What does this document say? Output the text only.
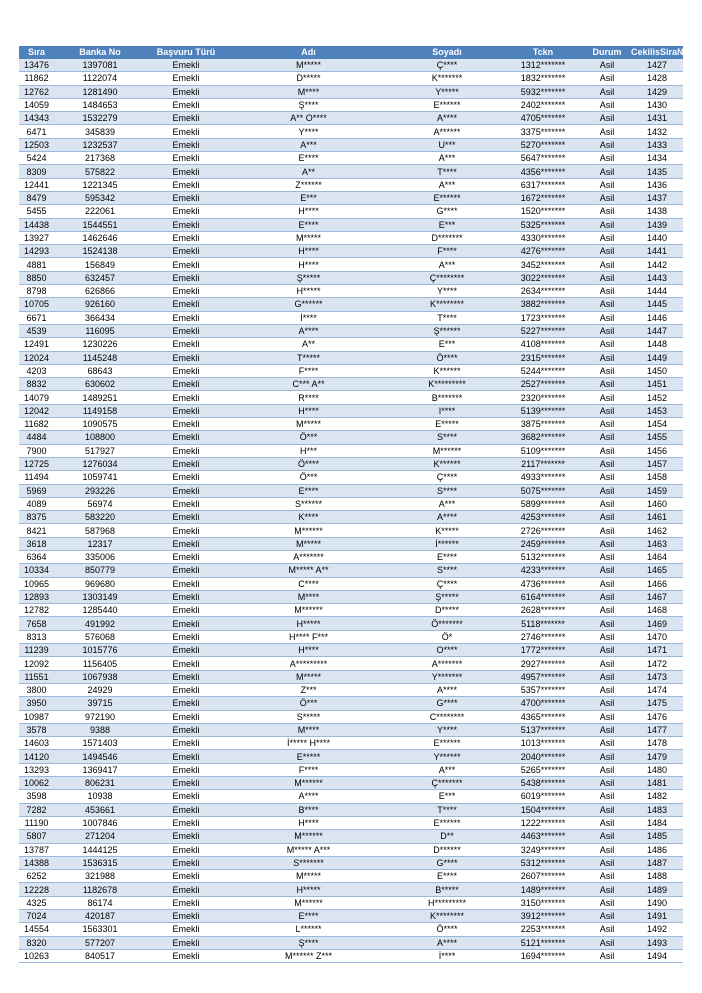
Sıra	Banka No	Başvuru Türü	Adı	Soyadı	Tckn	Durum	CekilisSiraNo
13476	1397081	Emekli	M*****	Ç****	1312*******	Asil	1427
11862	1122074	Emekli	D*****	K*******	1832*******	Asil	1428
12762	1281490	Emekli	M****	Y*****	5932*******	Asil	1429
14059	1484653	Emekli	Ş****	E******	2402*******	Asil	1430
14343	1532279	Emekli	A** O****	A****	4705*******	Asil	1431
6471	345839	Emekli	Y****	A******	3375*******	Asil	1432
12503	1232537	Emekli	A***	U***	5270*******	Asil	1433
5424	217368	Emekli	E****	A***	5647*******	Asil	1434
8309	575822	Emekli	A**	T****	4356*******	Asil	1435
12441	1221345	Emekli	Z******	A***	6317*******	Asil	1436
8479	595342	Emekli	E***	E******	1672*******	Asil	1437
5455	222061	Emekli	H****	G****	1520*******	Asil	1438
14438	1544551	Emekli	E****	E***	5325*******	Asil	1439
13927	1462646	Emekli	M*****	D*******	4330*******	Asil	1440
14293	1524138	Emekli	H****	F****	4276*******	Asil	1441
4881	156849	Emekli	H****	A***	3452*******	Asil	1442
8850	632457	Emekli	Ş*****	Ç********	3022*******	Asil	1443
8798	626866	Emekli	H*****	Y****	2634*******	Asil	1444
10705	926160	Emekli	G******	K********	3882*******	Asil	1445
6671	366434	Emekli	İ****	T****	1723*******	Asil	1446
4539	116095	Emekli	A****	Ş******	5227*******	Asil	1447
12491	1230226	Emekli	A**	E***	4108*******	Asil	1448
12024	1145248	Emekli	T*****	Ö****	2315*******	Asil	1449
4203	68643	Emekli	F****	K******	5244*******	Asil	1450
8832	630602	Emekli	C*** A**	K*********	2527*******	Asil	1451
14079	1489251	Emekli	R****	B*******	2320*******	Asil	1452
12042	1149158	Emekli	H****	I****	5139*******	Asil	1453
11682	1090575	Emekli	M*****	E*****	3875*******	Asil	1454
4484	108800	Emekli	Ö***	S****	3682*******	Asil	1455
7900	517927	Emekli	H***	M******	5109*******	Asil	1456
12725	1276034	Emekli	Ö****	K******	2117*******	Asil	1457
11494	1059741	Emekli	Ö***	Ç****	4933*******	Asil	1458
5969	293226	Emekli	E****	S****	5075*******	Asil	1459
4089	56974	Emekli	S******	A***	5899*******	Asil	1460
8375	583220	Emekli	K****	A****	4253*******	Asil	1461
8421	587968	Emekli	M******	K*****	2726*******	Asil	1462
3618	12317	Emekli	M*****	İ******	2459*******	Asil	1463
6364	335006	Emekli	A*******	E****	5132*******	Asil	1464
10334	850779	Emekli	M***** A**	S****	4233*******	Asil	1465
10965	969680	Emekli	C****	Ç****	4736*******	Asil	1466
12893	1303149	Emekli	M****	Ş*****	6164*******	Asil	1467
12782	1285440	Emekli	M******	D*****	2628*******	Asil	1468
7658	491992	Emekli	H*****	Ö*******	5118*******	Asil	1469
8313	576068	Emekli	H**** F***	Ö*	2746*******	Asil	1470
11239	1015776	Emekli	H****	O****	1772*******	Asil	1471
12092	1156405	Emekli	A*********	A*******	2927*******	Asil	1472
11551	1067938	Emekli	M*****	Y*******	4957*******	Asil	1473
3800	24929	Emekli	Z***	A****	5357*******	Asil	1474
3950	39715	Emekli	Ö***	G****	4700*******	Asil	1475
10987	972190	Emekli	S*****	C********	4365*******	Asil	1476
3578	9388	Emekli	M****	Y****	5137*******	Asil	1477
14603	1571403	Emekli	İ***** H****	E******	1013*******	Asil	1478
14120	1494546	Emekli	E*****	Y******	2040*******	Asil	1479
13293	1369417	Emekli	F****	A***	5265*******	Asil	1480
10062	806231	Emekli	M******	Ç*******	5438*******	Asil	1481
3598	10938	Emekli	A****	E***	6019*******	Asil	1482
7282	453661	Emekli	B****	T****	1504*******	Asil	1483
11190	1007846	Emekli	H****	E******	1222*******	Asil	1484
5807	271204	Emekli	M******	D**	4463*******	Asil	1485
13787	1444125	Emekli	M***** A***	D******	3249*******	Asil	1486
14388	1536315	Emekli	S*******	G****	5312*******	Asil	1487
6252	321988	Emekli	M*****	E****	2607*******	Asil	1488
12228	1182678	Emekli	H*****	B*****	1489*******	Asil	1489
4325	86174	Emekli	M******	H*********	3150*******	Asil	1490
7024	420187	Emekli	E****	K********	3912*******	Asil	1491
14554	1563301	Emekli	L******	Ö****	2253*******	Asil	1492
8320	577207	Emekli	Ş****	A****	5121*******	Asil	1493
10263	840517	Emekli	M****** Z***	İ****	1694*******	Asil	1494
